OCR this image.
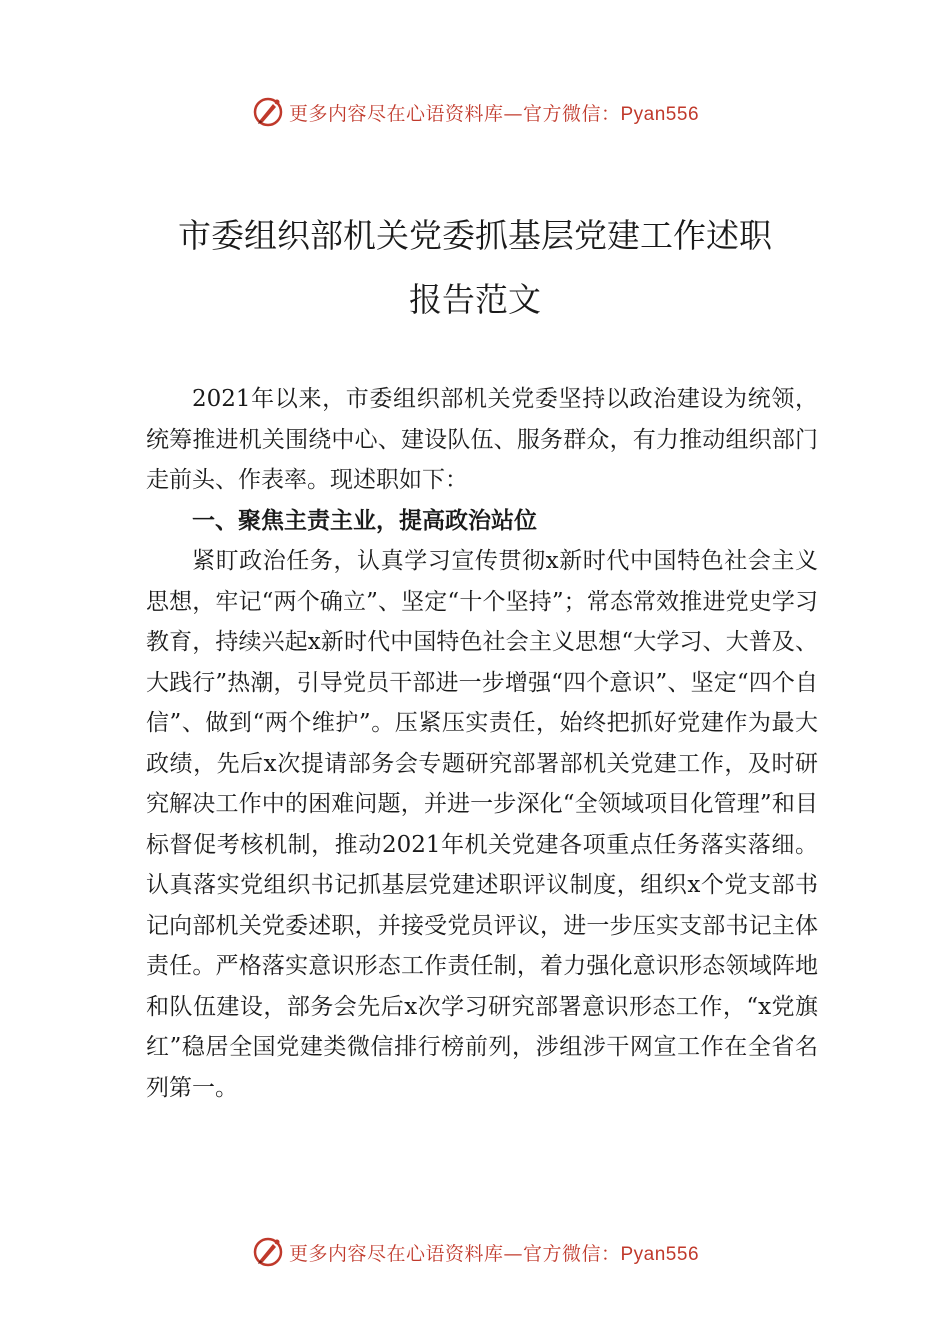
更多内容尽在心语资料库—官方微信：Pyan556
市委组织部机关党委抓基层党建工作述职
报告范文

2021年以来，市委组织部机关党委坚持以政治建设为统领，统筹推进机关围绕中心、建设队伍、服务群众，有力推动组织部门走前头、作表率。现述职如下：

一、聚焦主责主业，提高政治站位

紧盯政治任务，认真学习宣传贯彻x新时代中国特色社会主义思想，牢记“两个确立”、坚定“十个坚持”；常态常效推进党史学习教育，持续兴起x新时代中国特色社会主义思想“大学习、大普及、大践行”热潮，引导党员干部进一步增强“四个意识”、坚定“四个自信”、做到“两个维护”。压紧压实责任，始终把抓好党建作为最大政绩，先后x次提请部务会专题研究部署部机关党建工作，及时研究解决工作中的困难问题，并进一步深化“全领域项目化管理”和目标督促考核机制，推动2021年机关党建各项重点任务落实落细。认真落实党组织书记抓基层党建述职评议制度，组织x个党支部书记向部机关党委述职，并接受党员评议，进一步压实支部书记主体责任。严格落实意识形态工作责任制，着力强化意识形态领域阵地和队伍建设，部务会先后x次学习研究部署意识形态工作，“x党旗红”稳居全国党建类微信排行榜前列，涉组涉干网宣工作在全省名列第一。

更多内容尽在心语资料库—官方微信：Pyan556
